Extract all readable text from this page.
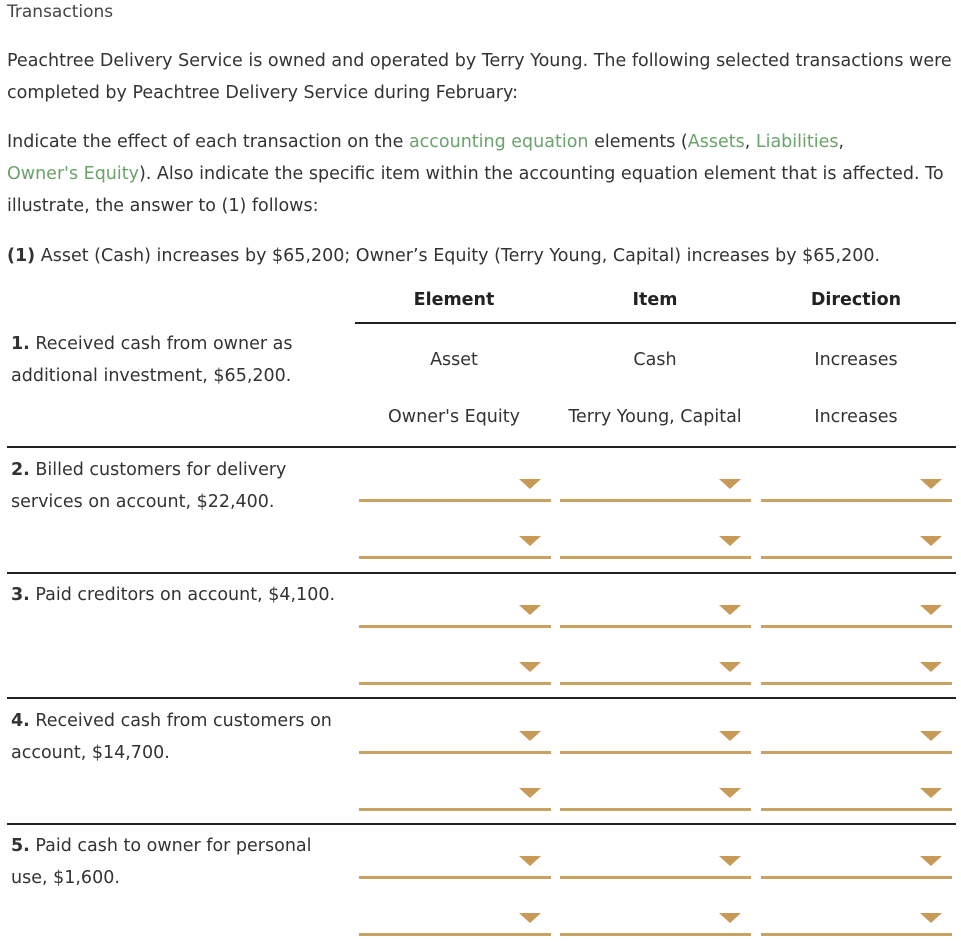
Transactions
Peachtree Delivery Service is owned and operated by Terry Young. The following selected transactions were completed by Peachtree Delivery Service during February:
Indicate the effect of each transaction on the accounting equation elements (Assets, Liabilities,
Owner's Equity). Also indicate the specific item within the accounting equation element that is affected. To illustrate, the answer to (1) follows:
(1) Asset (Cash) increases by $65,200; Owner’s Equity (Terry Young, Capital) increases by $65,200.
Element	Item	Direction
1. Received cash from owner as additional investment, $65,200.
Asset	Cash	Increases
Owner's Equity	Terry Young, Capital	Increases
2. Billed customers for delivery services on account, $22,400.
3. Paid creditors on account, $4,100.
4. Received cash from customers on account, $14,700.
5. Paid cash to owner for personal use, $1,600.
